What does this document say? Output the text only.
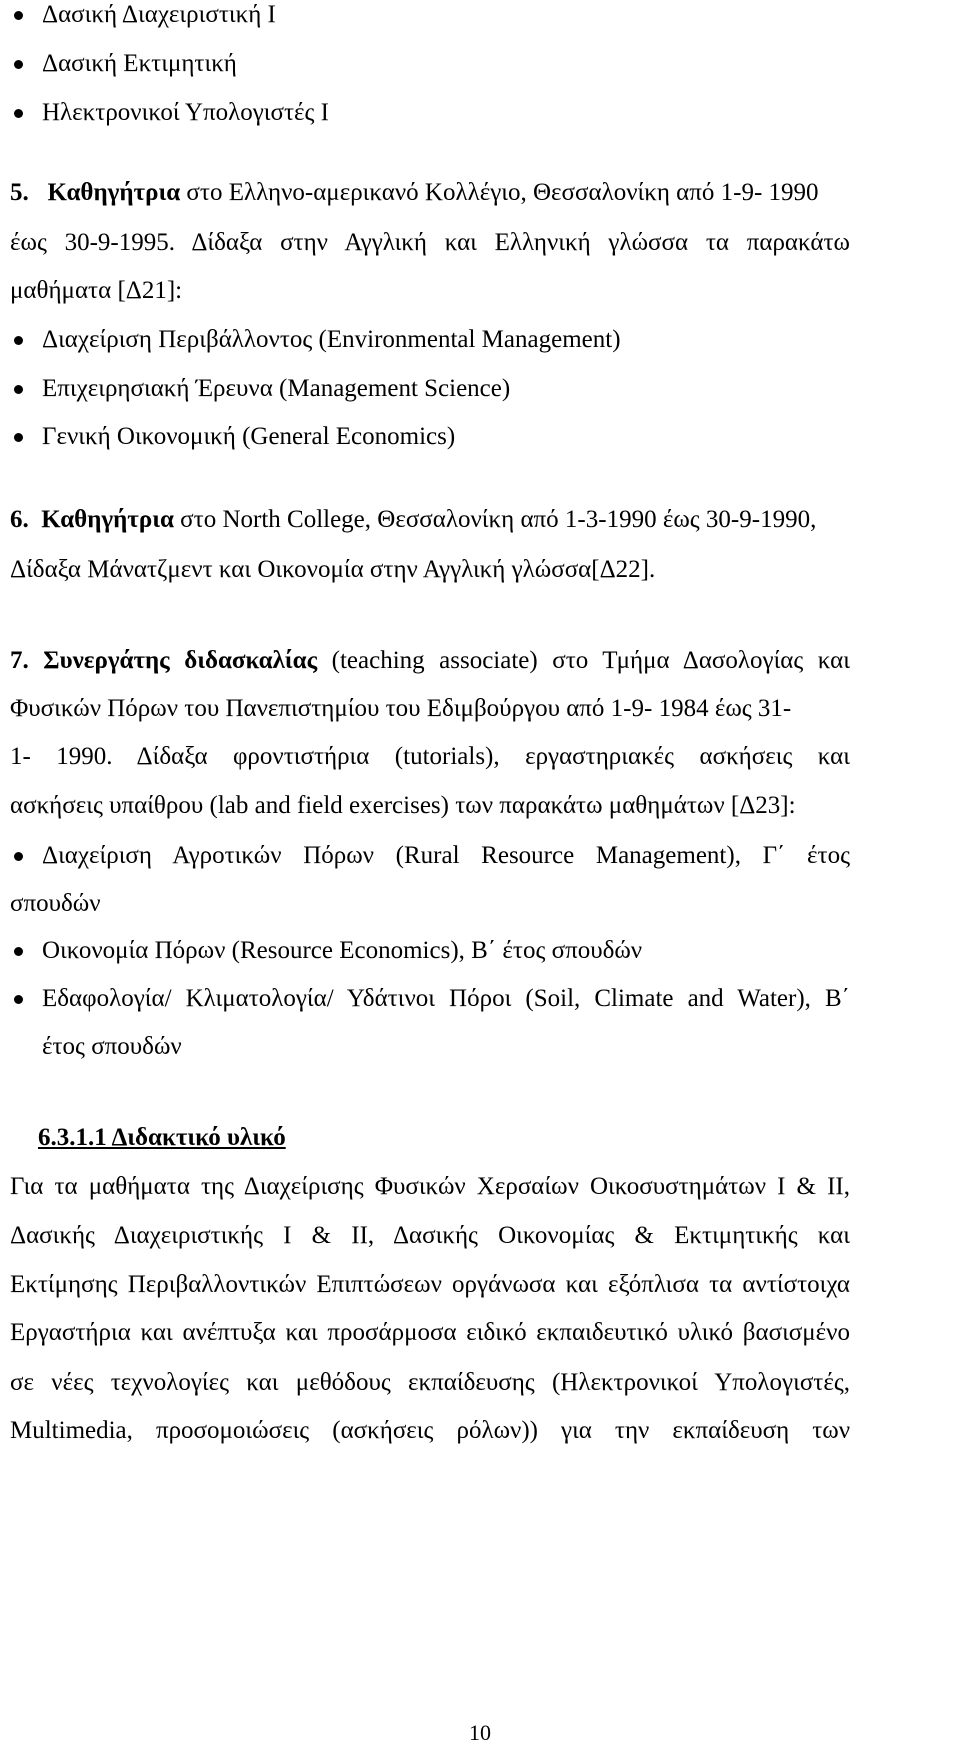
Δασική Διαχειριστική Ι
Δασική Εκτιμητική
Ηλεκτρονικοί Υπολογιστές Ι
5. Καθηγήτρια στο Ελληνο-αμερικανό Κολλέγιο, Θεσσαλονίκη από 1-9- 1990
έως 30-9-1995. Δίδαξα στην Αγγλική και Ελληνική γλώσσα τα παρακάτω
μαθήματα [Δ21]:
Διαχείριση Περιβάλλοντος (Environmental Management)
Επιχειρησιακή Έρευνα (Management Science)
Γενική Οικονομική (General Economics)
6. Καθηγήτρια στο North College, Θεσσαλονίκη από 1-3-1990 έως 30-9-1990,
Δίδαξα Μάνατζμεντ και Οικονομία στην Αγγλική γλώσσα[Δ22].
7. Συνεργάτης διδασκαλίας (teaching associate) στο Τμήμα Δασολογίας και
Φυσικών Πόρων του Πανεπιστημίου του Εδιμβούργου από 1-9- 1984 έως 31-
1- 1990. Δίδαξα φροντιστήρια (tutorials), εργαστηριακές ασκήσεις και
ασκήσεις υπαίθρου (lab and field exercises) των παρακάτω μαθημάτων [Δ23]:
Διαχείριση Αγροτικών Πόρων (Rural Resource Management), Γ΄ έτος
σπουδών
Οικονομία Πόρων (Resource Economics), Β΄ έτος σπουδών
Εδαφολογία/ Κλιματολογία/ Υδάτινοι Πόροι (Soil, Climate and Water), Β΄
έτος σπουδών
6.3.1.1 Διδακτικό υλικό
Για τα μαθήματα της Διαχείρισης Φυσικών Χερσαίων Οικοσυστημάτων Ι & ΙΙ,
Δασικής Διαχειριστικής Ι & ΙΙ, Δασικής Οικονομίας & Εκτιμητικής και
Εκτίμησης Περιβαλλοντικών Επιπτώσεων οργάνωσα και εξόπλισα τα αντίστοιχα
Εργαστήρια και ανέπτυξα και προσάρμοσα ειδικό εκπαιδευτικό υλικό βασισμένο
σε νέες τεχνολογίες και μεθόδους εκπαίδευσης (Ηλεκτρονικοί Υπολογιστές,
Multimedia, προσομοιώσεις (ασκήσεις ρόλων)) για την εκπαίδευση των
10
